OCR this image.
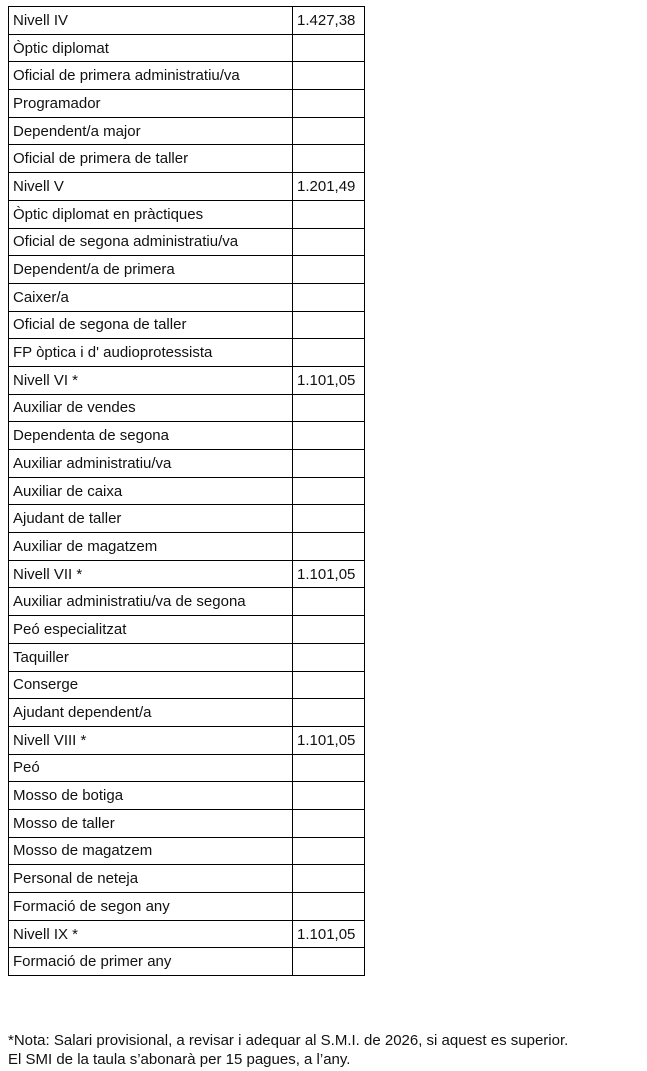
Nivell IV	1.427,38
Òptic diplomat	
Oficial de primera administratiu/va	
Programador	
Dependent/a major	
Oficial de primera de taller	
Nivell V	1.201,49
Òptic diplomat en pràctiques	
Oficial de segona administratiu/va	
Dependent/a de primera	
Caixer/a	
Oficial de segona de taller	
FP òptica i d' audioprotessista	
Nivell VI *	1.101,05
Auxiliar de vendes	
Dependenta de segona	
Auxiliar administratiu/va	
Auxiliar de caixa	
Ajudant de taller	
Auxiliar de magatzem	
Nivell VII *	1.101,05
Auxiliar administratiu/va de segona	
Peó especialitzat	
Taquiller	
Conserge	
Ajudant dependent/a	
Nivell VIII *	1.101,05
Peó	
Mosso de botiga	
Mosso de taller	
Mosso de magatzem	
Personal de neteja	
Formació de segon any	
Nivell IX *	1.101,05
Formació de primer any	
*Nota: Salari provisional, a revisar i adequar al S.M.I. de 2026, si aquest es superior.
El SMI de la taula s’abonarà per 15 pagues, a l’any.
